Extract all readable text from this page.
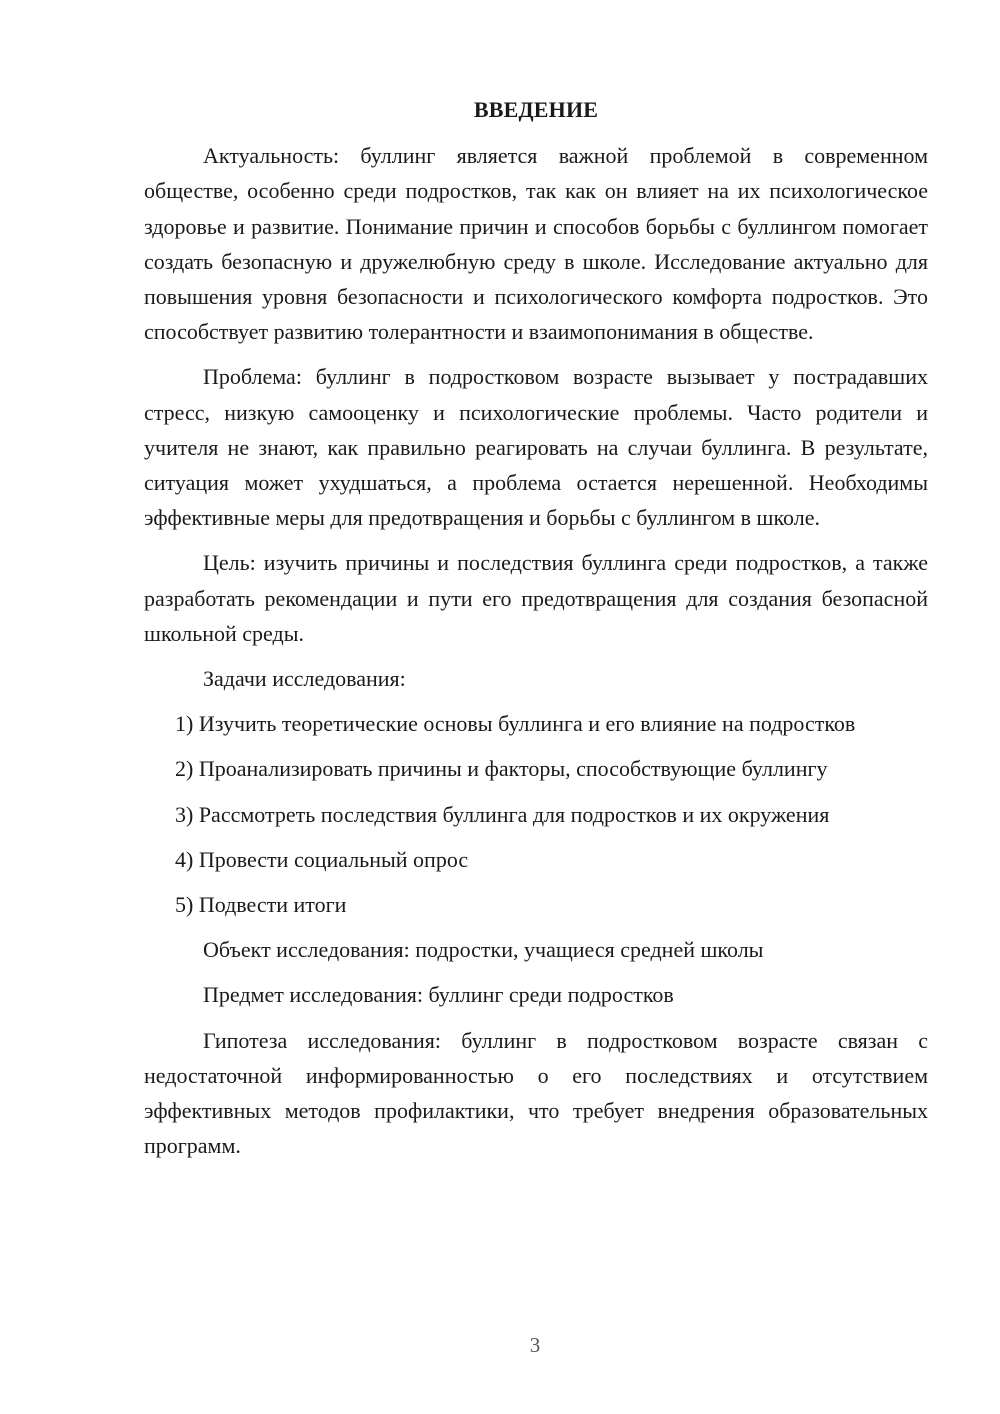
ВВЕДЕНИЕ

Актуальность: буллинг является важной проблемой в современном обществе, особенно среди подростков, так как он влияет на их психологическое здоровье и развитие. Понимание причин и способов борьбы с буллингом помогает создать безопасную и дружелюбную среду в школе. Исследование актуально для повышения уровня безопасности и психологического комфорта подростков. Это способствует развитию толерантности и взаимопонимания в обществе.

Проблема: буллинг в подростковом возрасте вызывает у пострадавших стресс, низкую самооценку и психологические проблемы. Часто родители и учителя не знают, как правильно реагировать на случаи буллинга. В результате, ситуация может ухудшаться, а проблема остается нерешенной. Необходимы эффективные меры для предотвращения и борьбы с буллингом в школе.

Цель: изучить причины и последствия буллинга среди подростков, а также разработать рекомендации и пути его предотвращения для создания безопасной школьной среды.

Задачи исследования:

1) Изучить теоретические основы буллинга и его влияние на подростков

2) Проанализировать причины и факторы, способствующие буллингу

3) Рассмотреть последствия буллинга для подростков и их окружения

4) Провести социальный опрос

5) Подвести итоги

Объект исследования: подростки, учащиеся средней школы

Предмет исследования: буллинг среди подростков

Гипотеза исследования: буллинг в подростковом возрасте связан с недостаточной информированностью о его последствиях и отсутствием эффективных методов профилактики, что требует внедрения образовательных программ.

3
